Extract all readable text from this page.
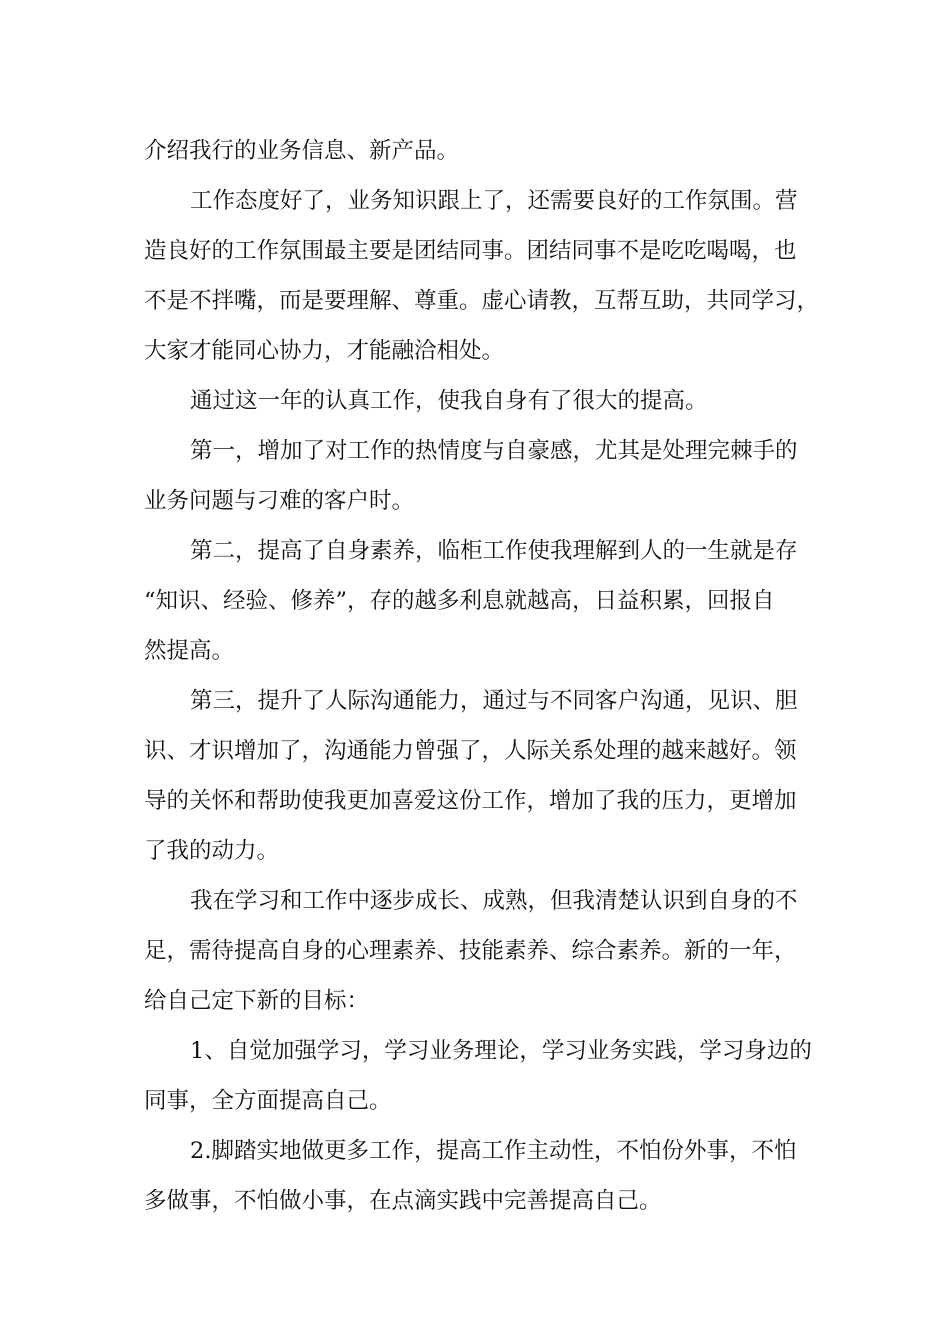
介绍我行的业务信息、新产品。
工作态度好了，业务知识跟上了，还需要良好的工作氛围。营
造良好的工作氛围最主要是团结同事。团结同事不是吃吃喝喝，也
不是不拌嘴，而是要理解、尊重。虚心请教，互帮互助，共同学习，
大家才能同心协力，才能融洽相处。
通过这一年的认真工作，使我自身有了很大的提高。
第一，增加了对工作的热情度与自豪感，尤其是处理完棘手的
业务问题与刁难的客户时。
第二，提高了自身素养，临柜工作使我理解到人的一生就是存
“知识、经验、修养”，存的越多利息就越高，日益积累，回报自
然提高。
第三，提升了人际沟通能力，通过与不同客户沟通，见识、胆
识、才识增加了，沟通能力曾强了，人际关系处理的越来越好。领
导的关怀和帮助使我更加喜爱这份工作，增加了我的压力，更增加
了我的动力。
我在学习和工作中逐步成长、成熟，但我清楚认识到自身的不
足，需待提高自身的心理素养、技能素养、综合素养。新的一年，
给自己定下新的目标：
1、自觉加强学习，学习业务理论，学习业务实践，学习身边的
同事，全方面提高自己。
2.脚踏实地做更多工作，提高工作主动性，不怕份外事，不怕
多做事，不怕做小事，在点滴实践中完善提高自己。
